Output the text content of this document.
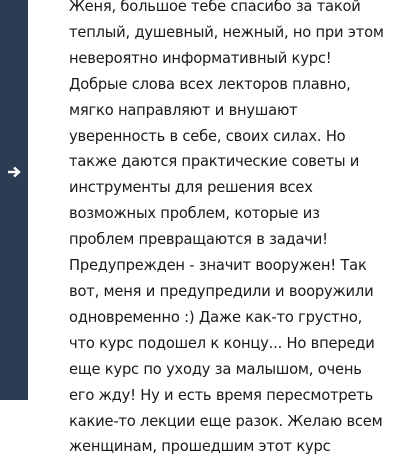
Женя, большое тебе спасибо за такой
теплый, душевный, нежный, но при этом
невероятно информативный курс!
Добрые слова всех лекторов плавно,
мягко направляют и внушают
уверенность в себе, своих силах. Но
также даются практические советы и
инструменты для решения всех
возможных проблем, которые из
проблем превращаются в задачи!
Предупрежден - значит вооружен! Так
вот, меня и предупредили и вооружили
одновременно :) Даже как-то грустно,
что курс подошел к концу... Но впереди
еще курс по уходу за малышом, очень
его жду! Ну и есть время пересмотреть
какие-то лекции еще разок. Желаю всем
женщинам, прошедшим этот курс
